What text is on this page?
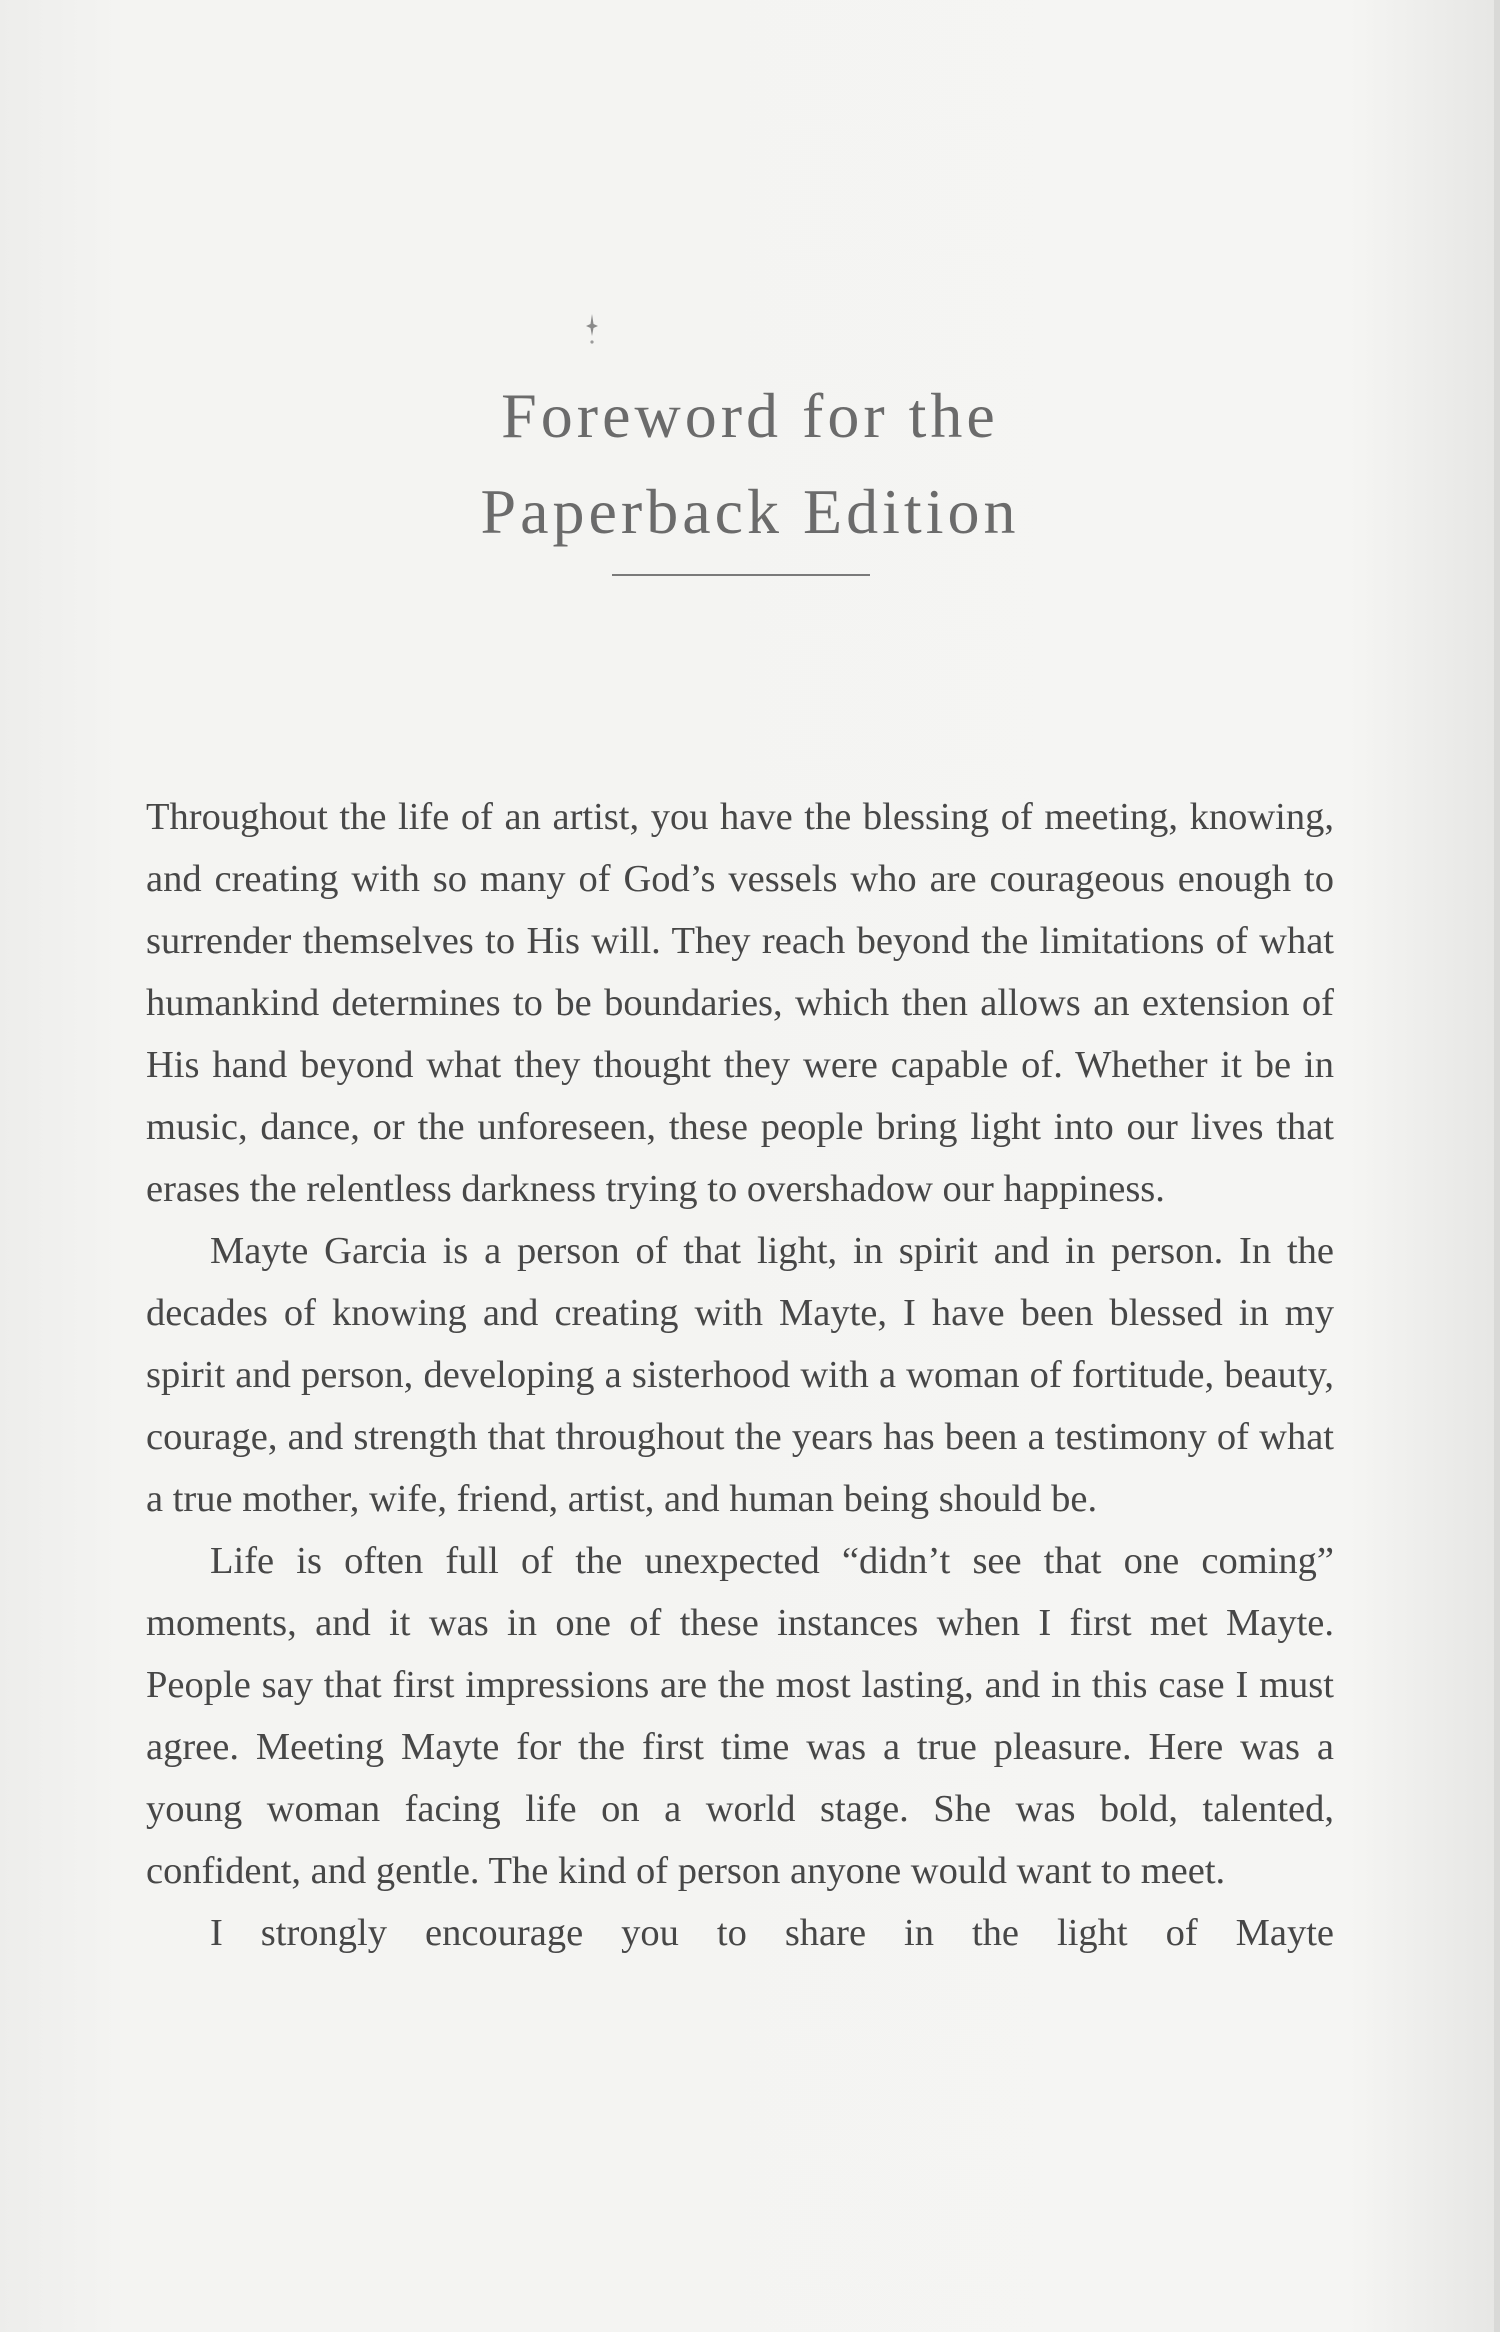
Foreword for the
Paperback Edition

Throughout the life of an artist, you have the blessing of meeting, knowing, and creating with so many of God’s vessels who are courageous enough to surrender themselves to His will. They reach beyond the limitations of what humankind determines to be boundaries, which then allows an extension of His hand beyond what they thought they were capable of. Whether it be in music, dance, or the unforeseen, these people bring light into our lives that erases the relentless darkness trying to overshadow our happiness.

Mayte Garcia is a person of that light, in spirit and in person. In the decades of knowing and creating with Mayte, I have been blessed in my spirit and person, developing a sisterhood with a woman of fortitude, beauty, courage, and strength that throughout the years has been a testimony of what a true mother, wife, friend, artist, and human being should be.

Life is often full of the unexpected “didn’t see that one coming” moments, and it was in one of these instances when I first met Mayte. People say that first impressions are the most lasting, and in this case I must agree. Meeting Mayte for the first time was a true pleasure. Here was a young woman facing life on a world stage. She was bold, talented, confident, and gentle. The kind of person anyone would want to meet.

I strongly encourage you to share in the light of Mayte
